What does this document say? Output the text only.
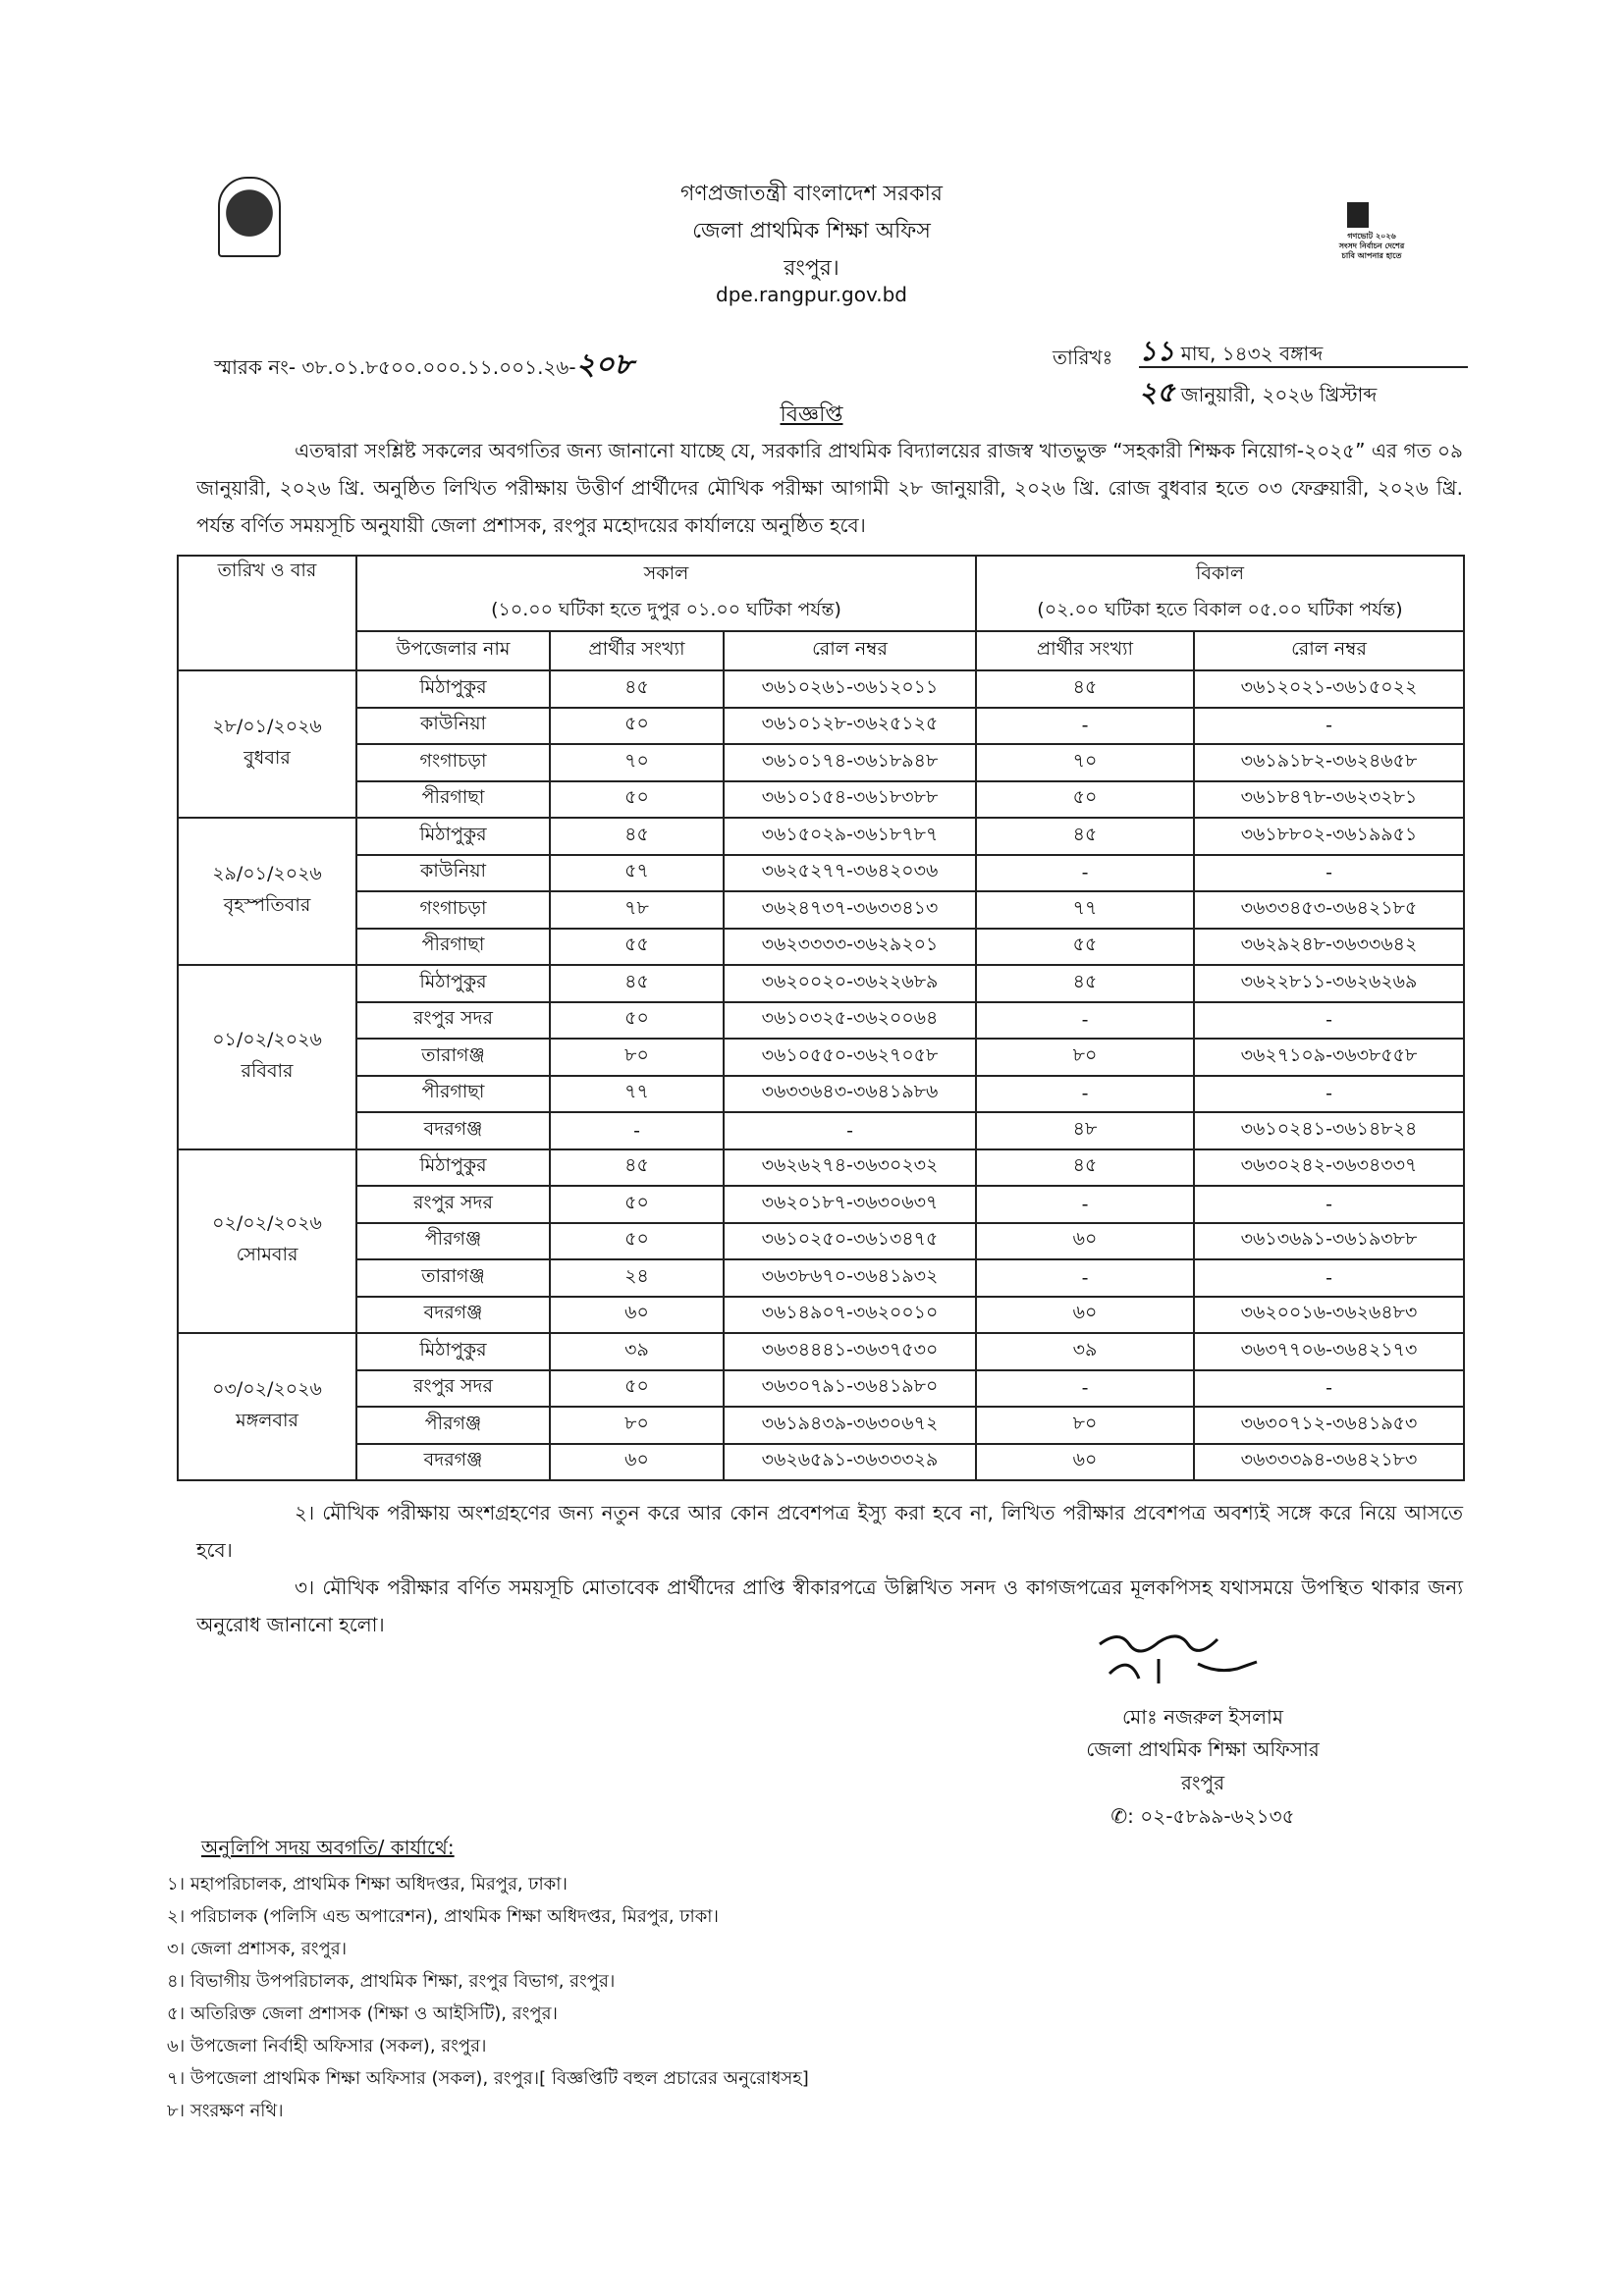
গণভোট ২০২৬ সংসদ নির্বাচন দেশের চাবি আপনার হাতে
গণপ্রজাতন্ত্রী বাংলাদেশ সরকার
জেলা প্রাথমিক শিক্ষা অফিস
রংপুর।
dpe.rangpur.gov.bd
স্মারক নং- ৩৮.০১.৮৫০০.০০০.১১.০০১.২৬-২০৮	তারিখঃ ১১ মাঘ, ১৪৩২ বঙ্গাব্দ
২৫ জানুয়ারী, ২০২৬ খ্রিস্টাব্দ
বিজ্ঞপ্তি
এতদ্বারা সংশ্লিষ্ট সকলের অবগতির জন্য জানানো যাচ্ছে যে, সরকারি প্রাথমিক বিদ্যালয়ের রাজস্ব খাতভুক্ত “সহকারী শিক্ষক নিয়োগ-২০২৫” এর গত ০৯ জানুয়ারী, ২০২৬ খ্রি. অনুষ্ঠিত লিখিত পরীক্ষায় উত্তীর্ণ প্রার্থীদের মৌখিক পরীক্ষা আগামী ২৮ জানুয়ারী, ২০২৬ খ্রি. রোজ বুধবার হতে ০৩ ফেব্রুয়ারী, ২০২৬ খ্রি. পর্যন্ত বর্ণিত সময়সূচি অনুযায়ী জেলা প্রশাসক, রংপুর মহোদয়ের কার্যালয়ে অনুষ্ঠিত হবে।
তারিখ ও বার	সকাল			বিকাল	

	(১০.০০ ঘটিকা হতে দুপুর ০১.০০ ঘটিকা পর্যন্ত)			(০২.০০ ঘটিকা হতে বিকাল ০৫.০০ ঘটিকা পর্যন্ত)	
	উপজেলার নাম	প্রার্থীর সংখ্যা	রোল নম্বর	প্রার্থীর সংখ্যা	রোল নম্বর

২৮/০১/২০২৬
বুধবার	মিঠাপুকুর	৪৫	৩৬১০২৬১-৩৬১২০১১	৪৫	৩৬১২০২১-৩৬১৫০২২
	কাউনিয়া	৫০	৩৬১০১২৮-৩৬২৫১২৫	-	-
	গংগাচড়া	৭০	৩৬১০১৭৪-৩৬১৮৯৪৮	৭০	৩৬১৯১৮২-৩৬২৪৬৫৮
	পীরগাছা	৫০	৩৬১০১৫৪-৩৬১৮৩৮৮	৫০	৩৬১৮৪৭৮-৩৬২৩২৮১

২৯/০১/২০২৬
বৃহস্পতিবার	মিঠাপুকুর	৪৫	৩৬১৫০২৯-৩৬১৮৭৮৭	৪৫	৩৬১৮৮০২-৩৬১৯৯৫১
	কাউনিয়া	৫৭	৩৬২৫২৭৭-৩৬৪২০৩৬	-	-
	গংগাচড়া	৭৮	৩৬২৪৭৩৭-৩৬৩৩৪১৩	৭৭	৩৬৩৩৪৫৩-৩৬৪২১৮৫
	পীরগাছা	৫৫	৩৬২৩৩৩৩-৩৬২৯২০১	৫৫	৩৬২৯২৪৮-৩৬৩৩৬৪২

০১/০২/২০২৬
রবিবার	মিঠাপুকুর	৪৫	৩৬২০০২০-৩৬২২৬৮৯	৪৫	৩৬২২৮১১-৩৬২৬২৬৯
	রংপুর সদর	৫০	৩৬১০৩২৫-৩৬২০০৬৪	-	-
	তারাগঞ্জ	৮০	৩৬১০৫৫০-৩৬২৭০৫৮	৮০	৩৬২৭১০৯-৩৬৩৮৫৫৮
	পীরগাছা	৭৭	৩৬৩৩৬৪৩-৩৬৪১৯৮৬	-	-
	বদরগঞ্জ	-	-	৪৮	৩৬১০২৪১-৩৬১৪৮২৪

০২/০২/২০২৬
সোমবার	মিঠাপুকুর	৪৫	৩৬২৬২৭৪-৩৬৩০২৩২	৪৫	৩৬৩০২৪২-৩৬৩৪৩৩৭
	রংপুর সদর	৫০	৩৬২০১৮৭-৩৬৩০৬৩৭	-	-
	পীরগঞ্জ	৫০	৩৬১০২৫০-৩৬১৩৪৭৫	৬০	৩৬১৩৬৯১-৩৬১৯৩৮৮
	তারাগঞ্জ	২৪	৩৬৩৮৬৭০-৩৬৪১৯৩২	-	-
	বদরগঞ্জ	৬০	৩৬১৪৯০৭-৩৬২০০১০	৬০	৩৬২০০১৬-৩৬২৬৪৮৩

০৩/০২/২০২৬
মঙ্গলবার	মিঠাপুকুর	৩৯	৩৬৩৪৪৪১-৩৬৩৭৫৩০	৩৯	৩৬৩৭৭০৬-৩৬৪২১৭৩
	রংপুর সদর	৫০	৩৬৩০৭৯১-৩৬৪১৯৮০	-	-
	পীরগঞ্জ	৮০	৩৬১৯৪৩৯-৩৬৩০৬৭২	৮০	৩৬৩০৭১২-৩৬৪১৯৫৩
	বদরগঞ্জ	৬০	৩৬২৬৫৯১-৩৬৩৩৩২৯	৬০	৩৬৩৩৩৯৪-৩৬৪২১৮৩
২। মৌখিক পরীক্ষায় অংশগ্রহণের জন্য নতুন করে আর কোন প্রবেশপত্র ইস্যু করা হবে না, লিখিত পরীক্ষার প্রবেশপত্র অবশ্যই সঙ্গে করে নিয়ে আসতে হবে।
৩। মৌখিক পরীক্ষার বর্ণিত সময়সূচি মোতাবেক প্রার্থীদের প্রাপ্তি স্বীকারপত্রে উল্লিখিত সনদ ও কাগজপত্রের মূলকপিসহ যথাসময়ে উপস্থিত থাকার জন্য অনুরোধ জানানো হলো।
মোঃ নজরুল ইসলাম
জেলা প্রাথমিক শিক্ষা অফিসার
রংপুর
✆: ০২-৫৮৯৯-৬২১৩৫
অনুলিপি সদয় অবগতি/ কার্যার্থে:
১। মহাপরিচালক, প্রাথমিক শিক্ষা অধিদপ্তর, মিরপুর, ঢাকা।
২। পরিচালক (পলিসি এন্ড অপারেশন), প্রাথমিক শিক্ষা অধিদপ্তর, মিরপুর, ঢাকা।
৩। জেলা প্রশাসক, রংপুর।
৪। বিভাগীয় উপপরিচালক, প্রাথমিক শিক্ষা, রংপুর বিভাগ, রংপুর।
৫। অতিরিক্ত জেলা প্রশাসক (শিক্ষা ও আইসিটি), রংপুর।
৬। উপজেলা নির্বাহী অফিসার (সকল), রংপুর।
৭। উপজেলা প্রাথমিক শিক্ষা অফিসার (সকল), রংপুর।[ বিজ্ঞপ্তিটি বহুল প্রচারের অনুরোধসহ]
৮। সংরক্ষণ নথি।
